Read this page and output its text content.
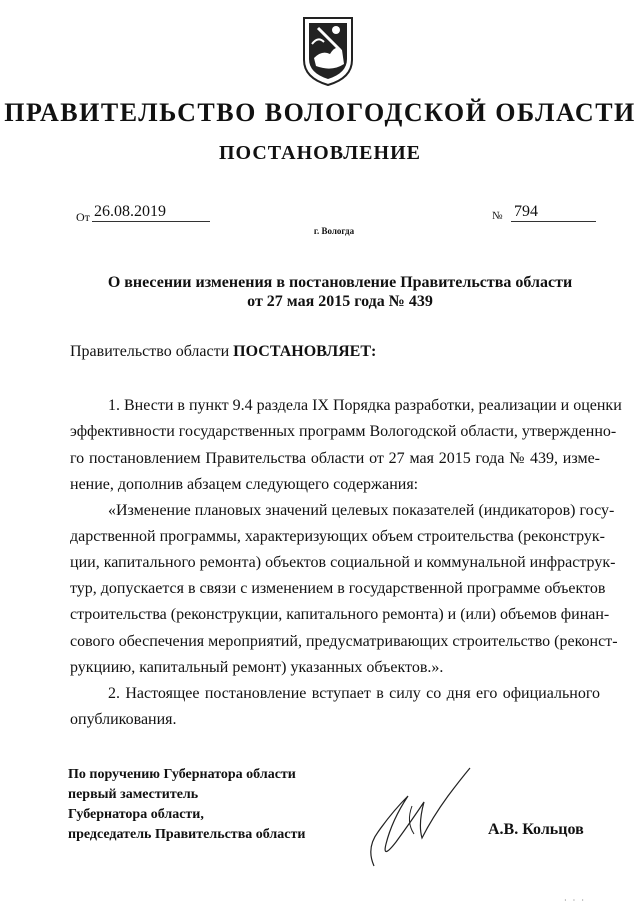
ПРАВИТЕЛЬСТВО ВОЛОГОДСКОЙ ОБЛАСТИ
ПОСТАНОВЛЕНИЕ
От 26.08.2019	№ 794
г. Вологда
О внесении изменения в постановление Правительства области
от 27 мая 2015 года № 439
Правительство области ПОСТАНОВЛЯЕТ:
1. Внести в пункт 9.4 раздела IX Порядка разработки, реализации и оценки
эффективности государственных программ Вологодской области, утвержденно-
го постановлением Правительства области от 27 мая 2015 года № 439, изме-
нение, дополнив абзацем следующего содержания:
«Изменение плановых значений целевых показателей (индикаторов) госу-
дарственной программы, характеризующих объем строительства (реконструк-
ции, капитального ремонта) объектов социальной и коммунальной инфраструк-
тур, допускается в связи с изменением в государственной программе объектов
строительства (реконструкции, капитального ремонта) и (или) объемов финан-
сового обеспечения мероприятий, предусматривающих строительство (реконст-
рукциию, капитальный ремонт) указанных объектов.».
2. Настоящее постановление вступает в силу со дня его официального
опубликования.
По поручению Губернатора области
первый заместитель
Губернатора области,
председатель Правительства области	А.В. Кольцов
·   ·   ·
